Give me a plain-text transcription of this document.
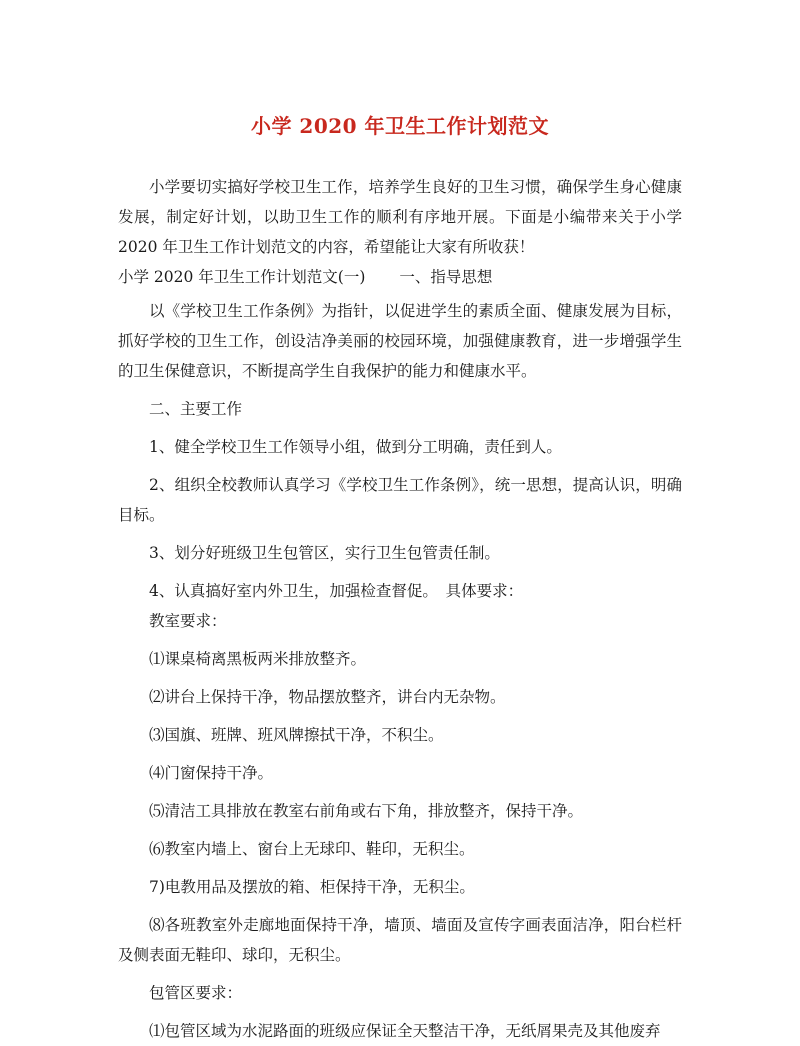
小学 2020 年卫生工作计划范文

小学要切实搞好学校卫生工作，培养学生良好的卫生习惯，确保学生身心健康发展，制定好计划，以助卫生工作的顺利有序地开展。下面是小编带来关于小学 2020 年卫生工作计划范文的内容，希望能让大家有所收获！

小学 2020 年卫生工作计划范文(一) 一、指导思想

以《学校卫生工作条例》为指针，以促进学生的素质全面、健康发展为目标，抓好学校的卫生工作，创设洁净美丽的校园环境，加强健康教育，进一步增强学生的卫生保健意识，不断提高学生自我保护的能力和健康水平。

二、主要工作

1、健全学校卫生工作领导小组，做到分工明确，责任到人。

2、组织全校教师认真学习《学校卫生工作条例》，统一思想，提高认识，明确目标。

3、划分好班级卫生包管区，实行卫生包管责任制。

4、认真搞好室内外卫生，加强检查督促。　具体要求：

教室要求：

⑴课桌椅离黑板两米排放整齐。

⑵讲台上保持干净，物品摆放整齐，讲台内无杂物。

⑶国旗、班牌、班风牌擦拭干净，不积尘。

⑷门窗保持干净。

⑸清洁工具排放在教室右前角或右下角，排放整齐，保持干净。

⑹教室内墙上、窗台上无球印、鞋印，无积尘。

7)电教用品及摆放的箱、柜保持干净，无积尘。

⑻各班教室外走廊地面保持干净，墙顶、墙面及宣传字画表面洁净，阳台栏杆及侧表面无鞋印、球印，无积尘。

包管区要求：

⑴包管区域为水泥路面的班级应保证全天整洁干净，无纸屑果壳及其他废弃
